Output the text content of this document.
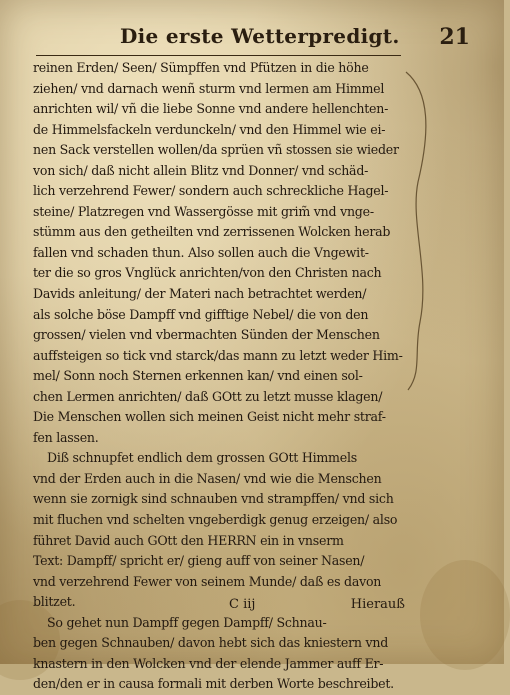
Die erste Wetterpredigt. 21
reinen Erden/ Seen/ Sümpffen vnd Pfützen in die höhe
ziehen/ vnd darnach wenñ sturm vnd lermen am Himmel
anrichten wil/ vñ die liebe Sonne vnd andere hellenchten-
de Himmelsfackeln verdunckeln/ vnd den Himmel wie ei-
nen Sack verstellen wollen/da sprüen vñ stossen sie wieder
von sich/ daß nicht allein Blitz vnd Donner/ vnd schäd-
lich verzehrend Fewer/ sondern auch schreckliche Hagel-
steine/ Platzregen vnd Wassergösse mit grim̃ vnd vnge-
stümm aus den getheilten vnd zerrissenen Wolcken herab
fallen vnd schaden thun. Also sollen auch die Vngewit-
ter die so gros Vnglück anrichten/von den Christen nach
Davids anleitung/ der Materi nach betrachtet werden/
als solche böse Dampff vnd gifftige Nebel/ die von den
grossen/ vielen vnd vbermachten Sünden der Menschen
auffsteigen so tick vnd starck/das mann zu letzt weder Him-
mel/ Sonn noch Sternen erkennen kan/ vnd einen sol-
chen Lermen anrichten/ daß GOtt zu letzt musse klagen/
Die Menschen wollen sich meinen Geist nicht mehr straf-
fen lassen.
Diß schnupfet endlich dem grossen GOtt Himmels
vnd der Erden auch in die Nasen/ vnd wie die Menschen
wenn sie zornigk sind schnauben vnd strampffen/ vnd sich
mit fluchen vnd schelten vngeberdigk genug erzeigen/ also
führet David auch GOtt den HERRN ein in vnserm
Text: Dampff/ spricht er/ gieng auff von seiner Nasen/
vnd verzehrend Fewer von seinem Munde/ daß es davon
blitzet.
So gehet nun Dampff gegen Dampff/ Schnau-
ben gegen Schnauben/ davon hebt sich das kniestern vnd
knastern in den Wolcken vnd der elende Jammer auff Er-
den/den er in causa formali mit derben Worte beschreibet.
C iij	Hierauß
